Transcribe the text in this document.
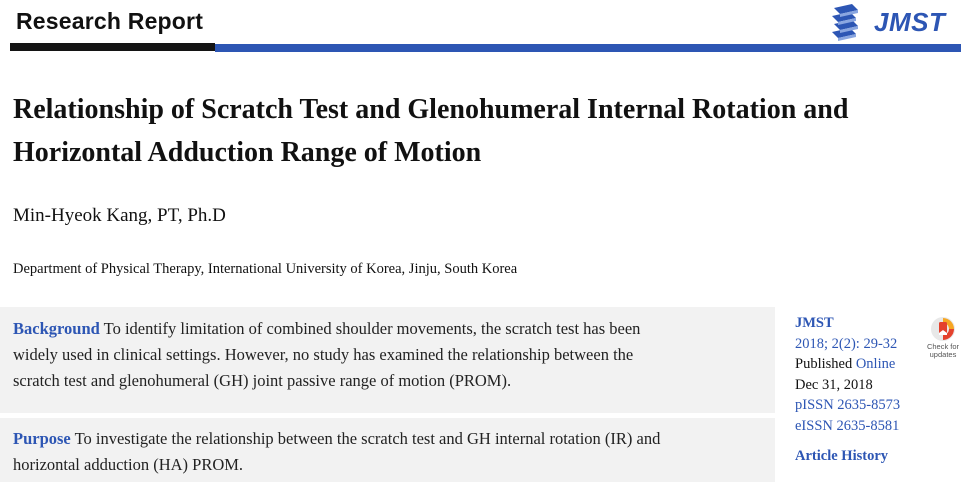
Research Report	JMST
Relationship of Scratch Test and Glenohumeral Internal Rotation and
Horizontal Adduction Range of Motion
Min-Hyeok Kang, PT, Ph.D
Department of Physical Therapy, International University of Korea, Jinju, South Korea
Background To identify limitation of combined shoulder movements, the scratch test has been
widely used in clinical settings. However, no study has examined the relationship between the
scratch test and glenohumeral (GH) joint passive range of motion (PROM).
Purpose To investigate the relationship between the scratch test and GH internal rotation (IR) and
horizontal adduction (HA) PROM.
JMST
2018; 2(2): 29-32
Published Online
Dec 31, 2018
pISSN 2635-8573
eISSN 2635-8581
Article History
Check for
updates
